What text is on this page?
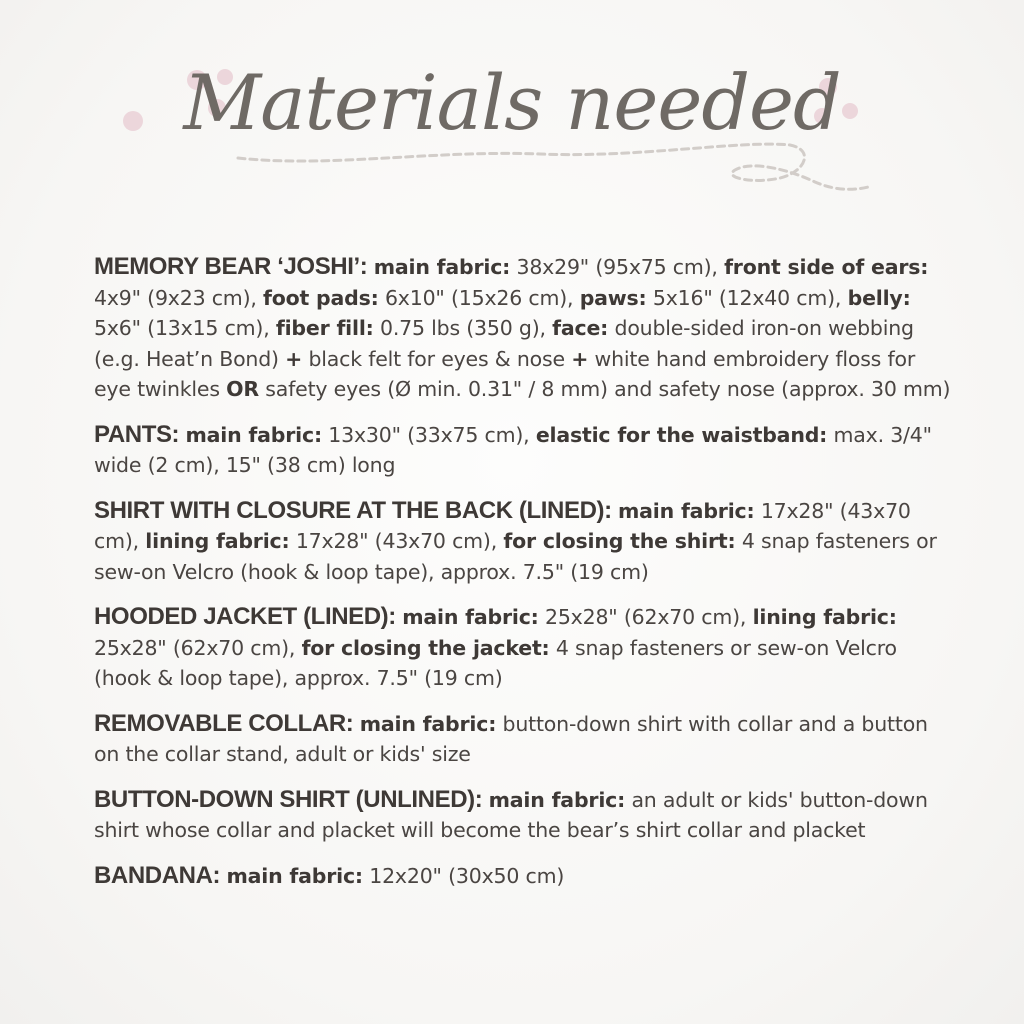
Materials needed

MEMORY BEAR ‘JOSHI’: main fabric: 38x29" (95x75 cm), front side of ears: 4x9" (9x23 cm), foot pads: 6x10" (15x26 cm), paws: 5x16" (12x40 cm), belly: 5x6" (13x15 cm), fiber fill: 0.75 lbs (350 g), face: double-sided iron-on webbing (e.g. Heat’n Bond) + black felt for eyes & nose + white hand embroidery floss for eye twinkles OR safety eyes (Ø min. 0.31" / 8 mm) and safety nose (approx. 30 mm)

PANTS: main fabric: 13x30" (33x75 cm), elastic for the waistband: max. 3/4" wide (2 cm), 15" (38 cm) long

SHIRT WITH CLOSURE AT THE BACK (LINED): main fabric: 17x28" (43x70 cm), lining fabric: 17x28" (43x70 cm), for closing the shirt: 4 snap fasteners or sew-on Velcro (hook & loop tape), approx. 7.5" (19 cm)

HOODED JACKET (LINED): main fabric: 25x28" (62x70 cm), lining fabric: 25x28" (62x70 cm), for closing the jacket: 4 snap fasteners or sew-on Velcro (hook & loop tape), approx. 7.5" (19 cm)

REMOVABLE COLLAR: main fabric: button-down shirt with collar and a button on the collar stand, adult or kids' size

BUTTON-DOWN SHIRT (UNLINED): main fabric: an adult or kids' button-down shirt whose collar and placket will become the bear’s shirt collar and placket

BANDANA: main fabric: 12x20" (30x50 cm)
